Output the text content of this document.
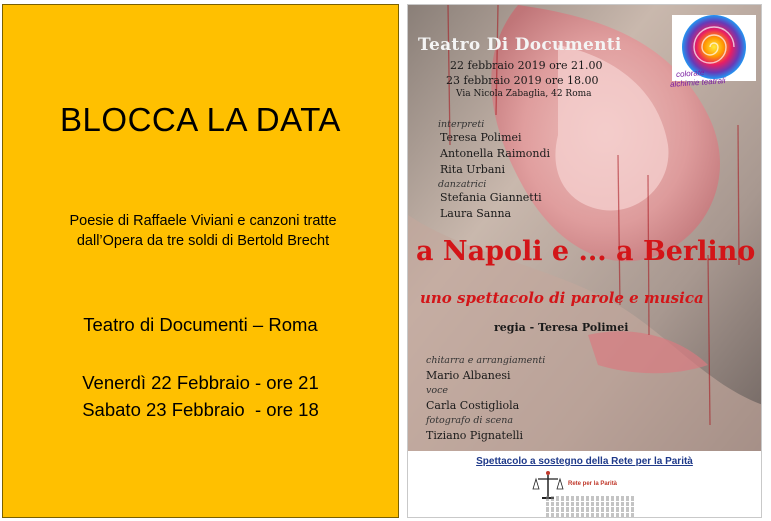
BLOCCA LA DATA
Poesie di Raffaele Viviani e canzoni tratte
dall’Opera da tre soldi di Bertold Brecht
Teatro di Documenti – Roma
Venerdì 22 Febbraio - ore 21
Sabato 23 Febbraio  - ore 18
Teatro Di Documenti
colorate
alchimie teatrali
22 febbraio 2019 ore 21.00
23 febbraio 2019 ore 18.00
Via Nicola Zabaglia, 42 Roma
interpreti
Teresa Polimei
Antonella Raimondi
Rita Urbani
danzatrici
Stefania Giannetti
Laura Sanna
a Napoli e ... a Berlino
uno spettacolo di parole e musica
regia - Teresa Polimei
chitarra e arrangiamenti
Mario Albanesi
voce
Carla Costigliola
fotografo di scena
Tiziano Pignatelli
Spettacolo a sostegno della Rete per la Parità
Rete per la Parità
